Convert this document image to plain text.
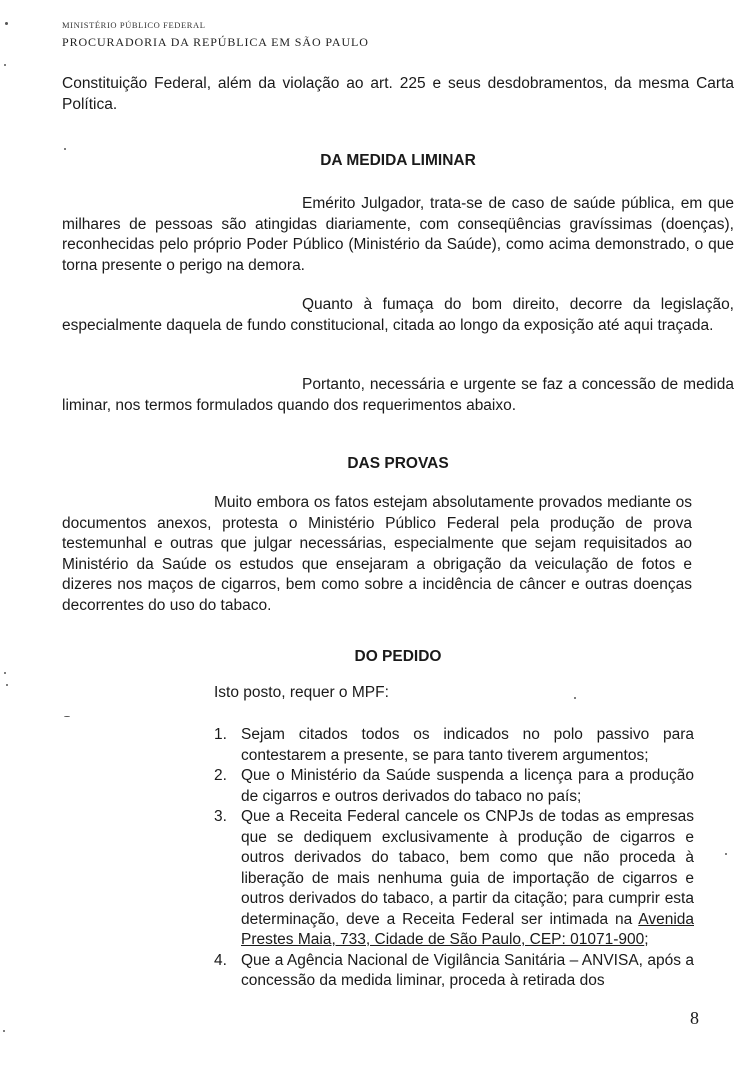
MINISTÉRIO PÚBLICO FEDERAL
PROCURADORIA DA REPÚBLICA EM SÃO PAULO
Constituição Federal, além da violação ao art. 225 e seus desdobramentos, da mesma Carta Política.
DA MEDIDA LIMINAR
Emérito Julgador, trata-se de caso de saúde pública, em que milhares de pessoas são atingidas diariamente, com conseqüências gravíssimas (doenças), reconhecidas pelo próprio Poder Público (Ministério da Saúde), como acima demonstrado, o que torna presente o perigo na demora.
Quanto à fumaça do bom direito, decorre da legislação, especialmente daquela de fundo constitucional, citada ao longo da exposição até aqui traçada.
Portanto, necessária e urgente se faz a concessão de medida liminar, nos termos formulados quando dos requerimentos abaixo.
DAS PROVAS
Muito embora os fatos estejam absolutamente provados mediante os documentos anexos, protesta o Ministério Público Federal pela produção de prova testemunhal e outras que julgar necessárias, especialmente que sejam requisitados ao Ministério da Saúde os estudos que ensejaram a obrigação da veiculação de fotos e dizeres nos maços de cigarros, bem como sobre a incidência de câncer e outras doenças decorrentes do uso do tabaco.
DO PEDIDO
Isto posto, requer o MPF:
1. Sejam citados todos os indicados no polo passivo para contestarem a presente, se para tanto tiverem argumentos;
2. Que o Ministério da Saúde suspenda a licença para a produção de cigarros e outros derivados do tabaco no país;
3. Que a Receita Federal cancele os CNPJs de todas as empresas que se dediquem exclusivamente à produção de cigarros e outros derivados do tabaco, bem como que não proceda à liberação de mais nenhuma guia de importação de cigarros e outros derivados do tabaco, a partir da citação; para cumprir esta determinação, deve a Receita Federal ser intimada na Avenida Prestes Maia, 733, Cidade de São Paulo, CEP: 01071-900;
4. Que a Agência Nacional de Vigilância Sanitária – ANVISA, após a concessão da medida liminar, proceda à retirada dos
8
